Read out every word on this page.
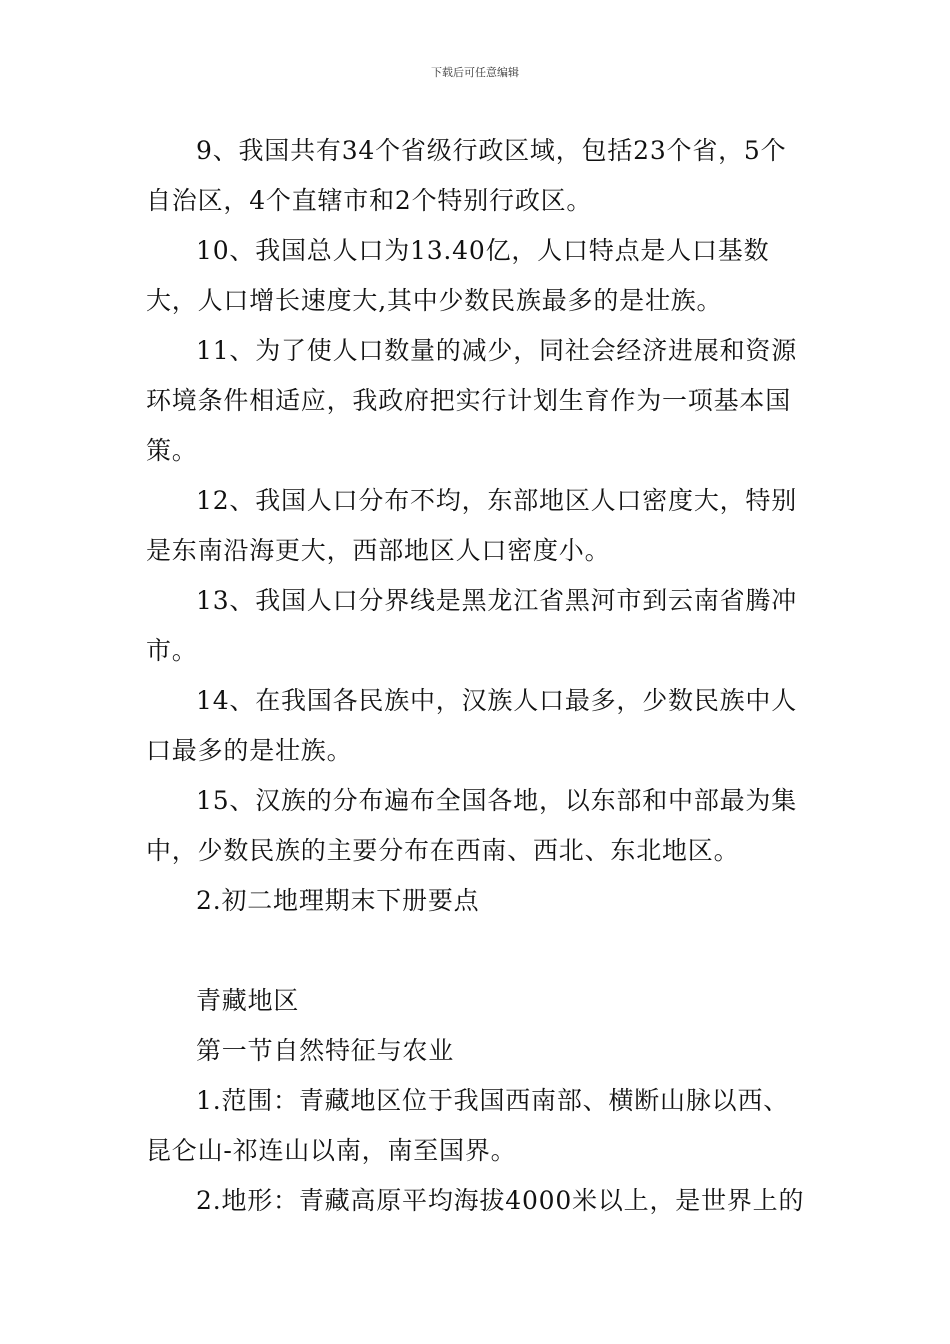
下载后可任意编辑

9、我国共有34个省级行政区域，包括23个省，5个自治区，4个直辖市和2个特别行政区。

10、我国总人口为13.40亿，人口特点是人口基数大，人口增长速度大,其中少数民族最多的是壮族。

11、为了使人口数量的减少，同社会经济进展和资源环境条件相适应，我政府把实行计划生育作为一项基本国策。

12、我国人口分布不均，东部地区人口密度大，特别是东南沿海更大，西部地区人口密度小。

13、我国人口分界线是黑龙江省黑河市到云南省腾冲市。

14、在我国各民族中，汉族人口最多，少数民族中人口最多的是壮族。

15、汉族的分布遍布全国各地，以东部和中部最为集中，少数民族的主要分布在西南、西北、东北地区。

2.初二地理期末下册要点

青藏地区

第一节自然特征与农业

1.范围：青藏地区位于我国西南部、横断山脉以西、昆仑山-祁连山以南，南至国界。

2.地形：青藏高原平均海拔4000米以上，是世界上的
